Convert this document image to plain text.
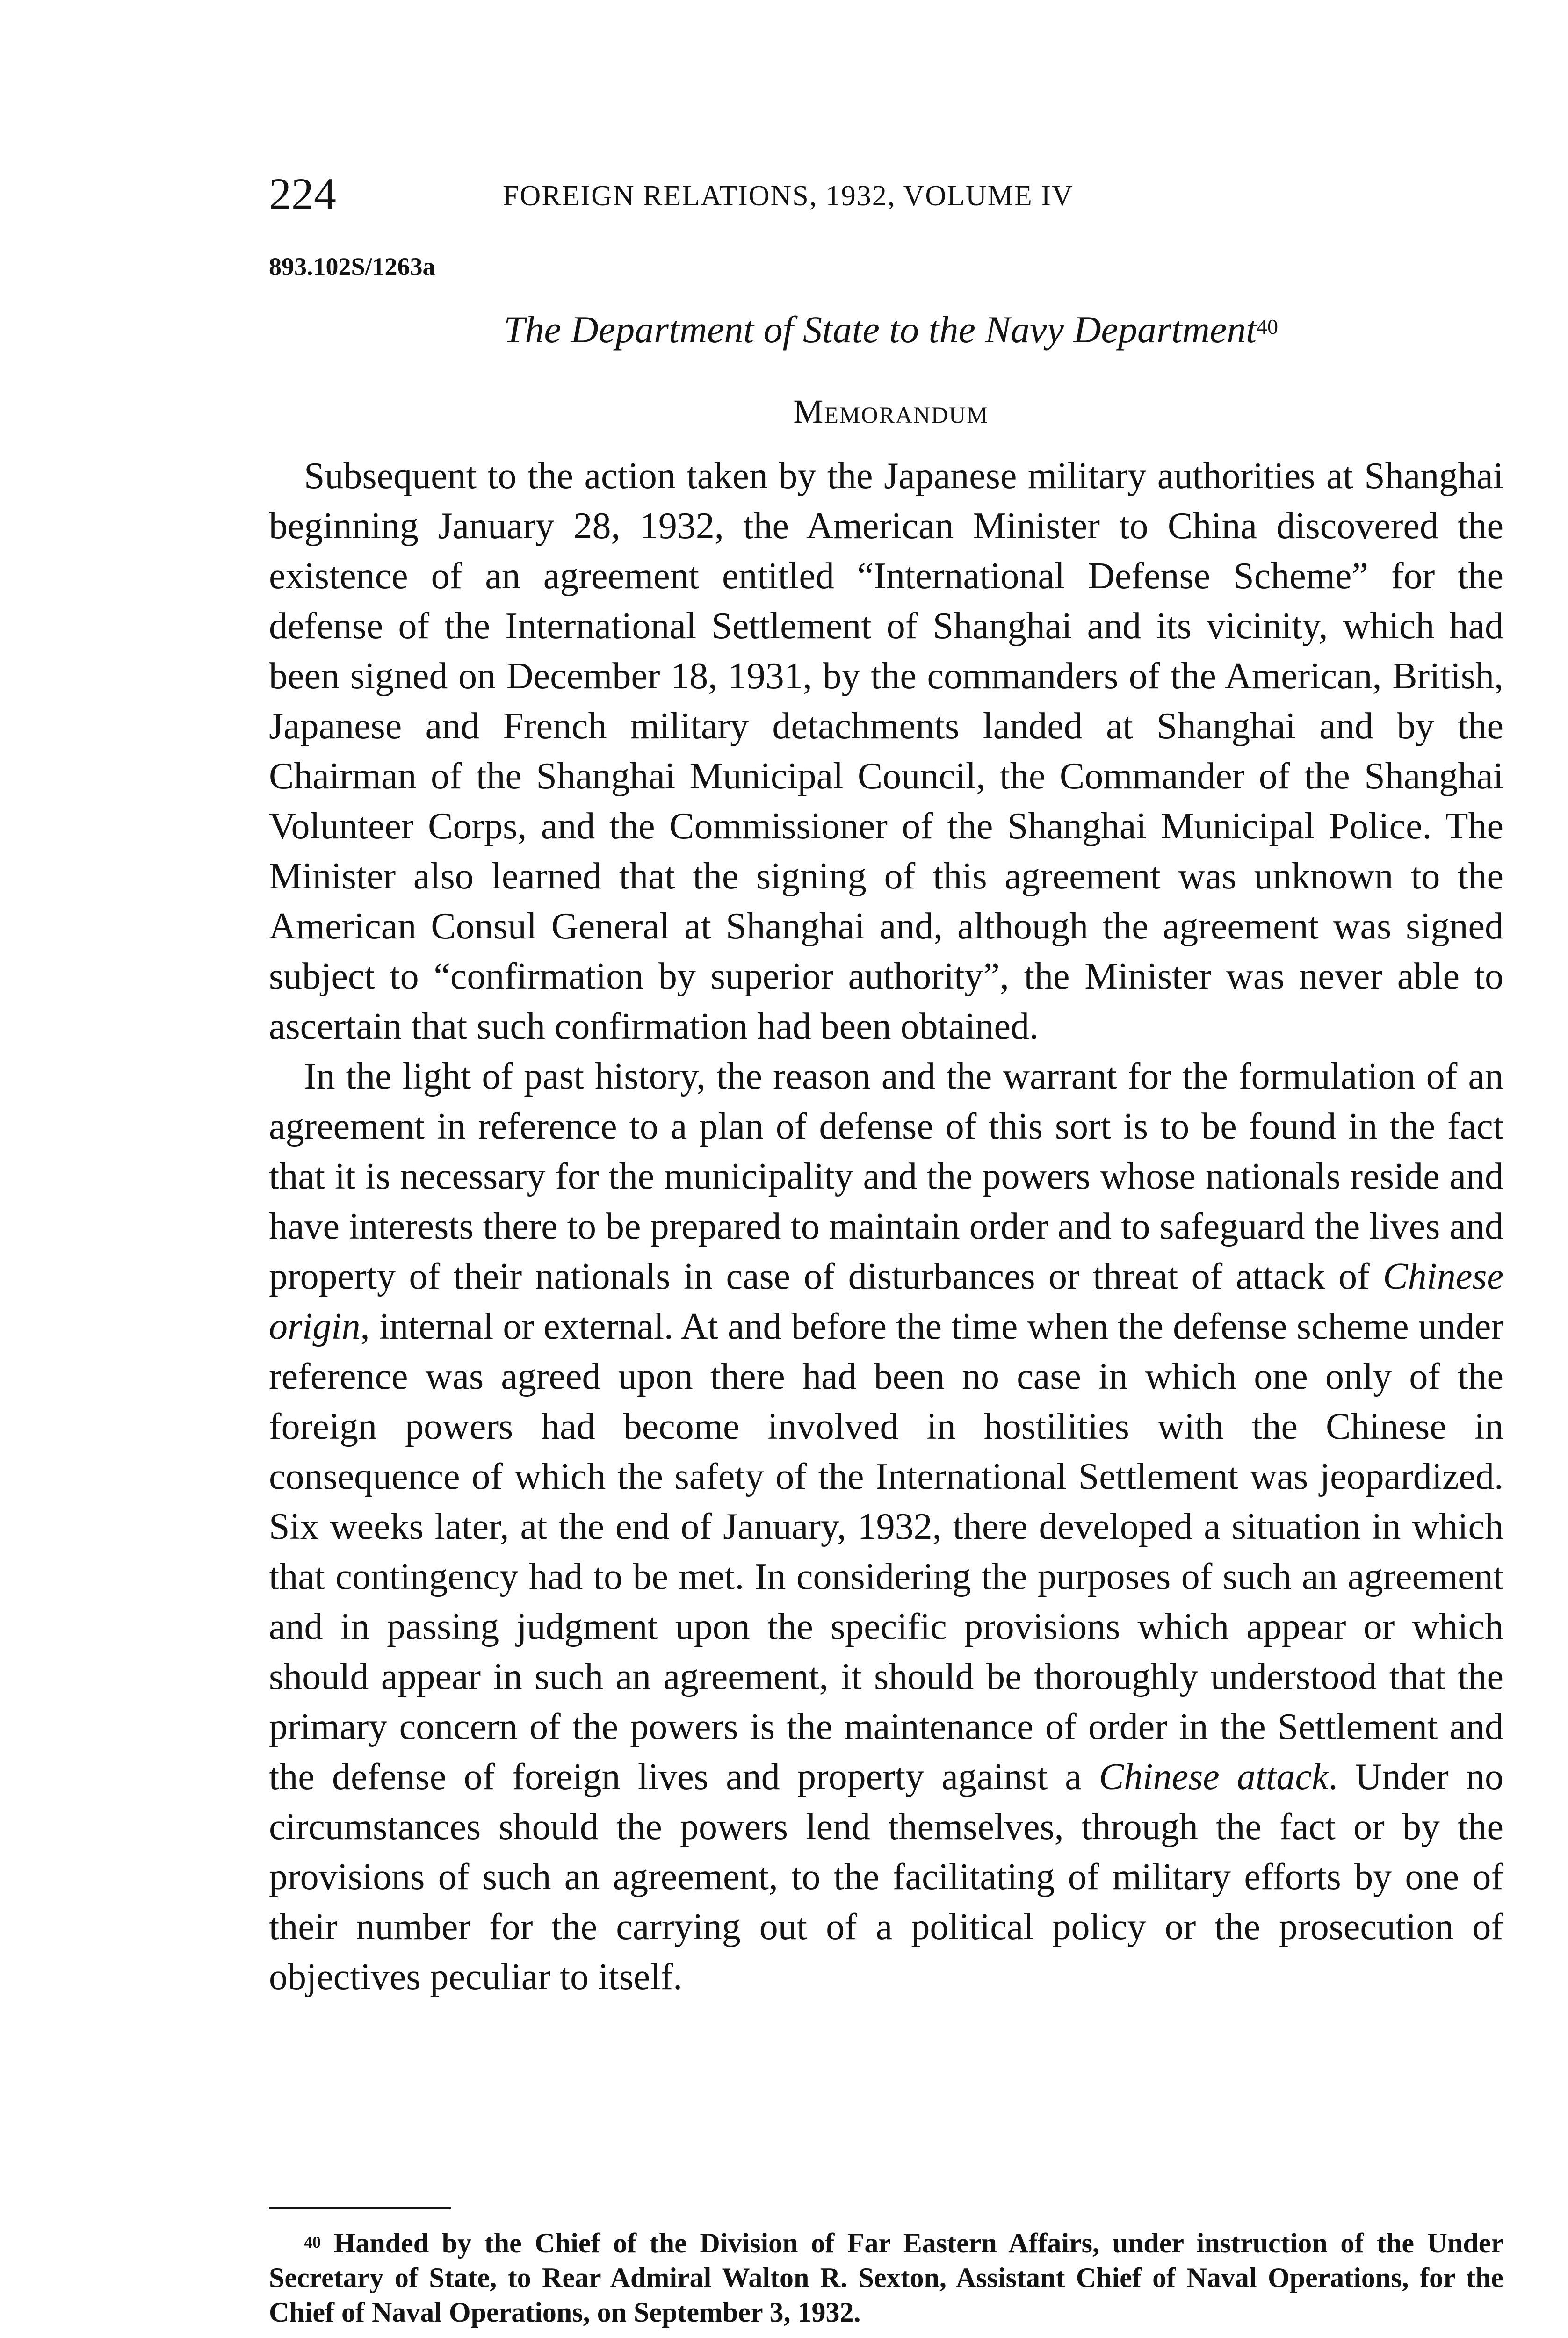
224	FOREIGN RELATIONS, 1932, VOLUME IV
893.102S/1263a
The Department of State to the Navy Department$^{40}$
Memorandum

Subsequent to the action taken by the Japanese military authorities at Shanghai beginning January 28, 1932, the American Minister to China discovered the existence of an agreement entitled “International Defense Scheme” for the defense of the International Settlement of Shanghai and its vicinity, which had been signed on December 18, 1931, by the commanders of the American, British, Japanese and French military detachments landed at Shanghai and by the Chairman of the Shanghai Municipal Council, the Commander of the Shanghai Volunteer Corps, and the Commissioner of the Shanghai Municipal Police. The Minister also learned that the signing of this agreement was unknown to the American Consul General at Shanghai and, although the agreement was signed subject to “confirmation by superior authority”, the Minister was never able to ascertain that such confirmation had been obtained.

In the light of past history, the reason and the warrant for the formulation of an agreement in reference to a plan of defense of this sort is to be found in the fact that it is necessary for the municipality and the powers whose nationals reside and have interests there to be prepared to maintain order and to safeguard the lives and property of their nationals in case of disturbances or threat of attack of Chinese origin, internal or external. At and before the time when the defense scheme under reference was agreed upon there had been no case in which one only of the foreign powers had become involved in hostilities with the Chinese in consequence of which the safety of the International Settlement was jeopardized. Six weeks later, at the end of January, 1932, there developed a situation in which that contingency had to be met. In considering the purposes of such an agreement and in passing judgment upon the specific provisions which appear or which should appear in such an agreement, it should be thoroughly understood that the primary concern of the powers is the maintenance of order in the Settlement and the defense of foreign lives and property against a Chinese attack. Under no circumstances should the powers lend themselves, through the fact or by the provisions of such an agreement, to the facilitating of military efforts by one of their number for the carrying out of a political policy or the prosecution of objectives peculiar to itself.

$^{40}$ Handed by the Chief of the Division of Far Eastern Affairs, under instruction of the Under Secretary of State, to Rear Admiral Walton R. Sexton, Assistant Chief of Naval Operations, for the Chief of Naval Operations, on September 3, 1932.
